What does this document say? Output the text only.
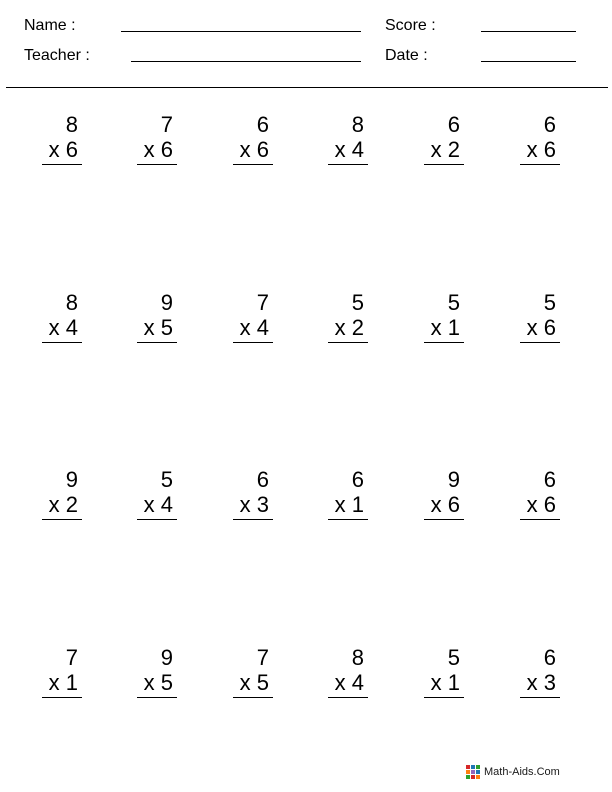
Name :	Score :
Teacher :	Date :
8
x 6
7
x 6
6
x 6
8
x 4
6
x 2
6
x 6
8
x 4
9
x 5
7
x 4
5
x 2
5
x 1
5
x 6
9
x 2
5
x 4
6
x 3
6
x 1
9
x 6
6
x 6
7
x 1
9
x 5
7
x 5
8
x 4
5
x 1
6
x 3
Math-Aids.Com
